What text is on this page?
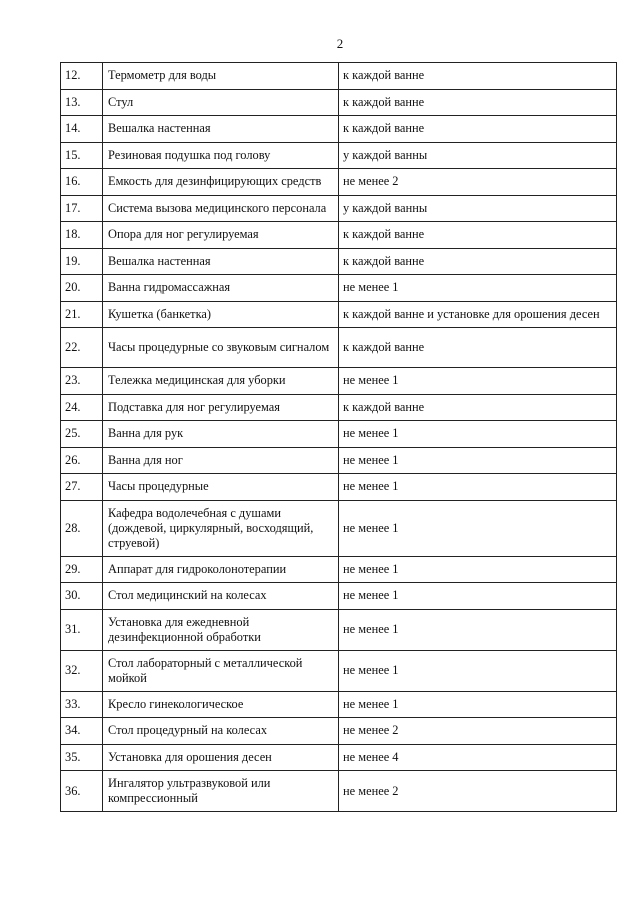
2
12.	Термометр для воды	к каждой ванне
13.	Стул	к каждой ванне
14.	Вешалка настенная	к каждой ванне
15.	Резиновая подушка под голову	у каждой ванны
16.	Емкость для дезинфицирующих средств	не менее 2
17.	Система вызова медицинского персонала	у каждой ванны
18.	Опора для ног регулируемая	к каждой ванне
19.	Вешалка настенная	к каждой ванне
20.	Ванна гидромассажная	не менее 1
21.	Кушетка (банкетка)	к каждой ванне и установке для орошения десен
22.	Часы процедурные со звуковым сигналом	к каждой ванне
23.	Тележка медицинская для уборки	не менее 1
24.	Подставка для ног регулируемая	к каждой ванне
25.	Ванна для рук	не менее 1
26.	Ванна для ног	не менее 1
27.	Часы процедурные	не менее 1
28.	Кафедра водолечебная с душами (дождевой, циркулярный, восходящий, струевой)	не менее 1
29.	Аппарат для гидроколонотерапии	не менее 1
30.	Стол медицинский на колесах	не менее 1
31.	Установка для ежедневной дезинфекционной обработки	не менее 1
32.	Стол лабораторный с металлической мойкой	не менее 1
33.	Кресло гинекологическое	не менее 1
34.	Стол процедурный на колесах	не менее 2
35.	Установка для орошения десен	не менее 4
36.	Ингалятор ультразвуковой или компрессионный	не менее 2
